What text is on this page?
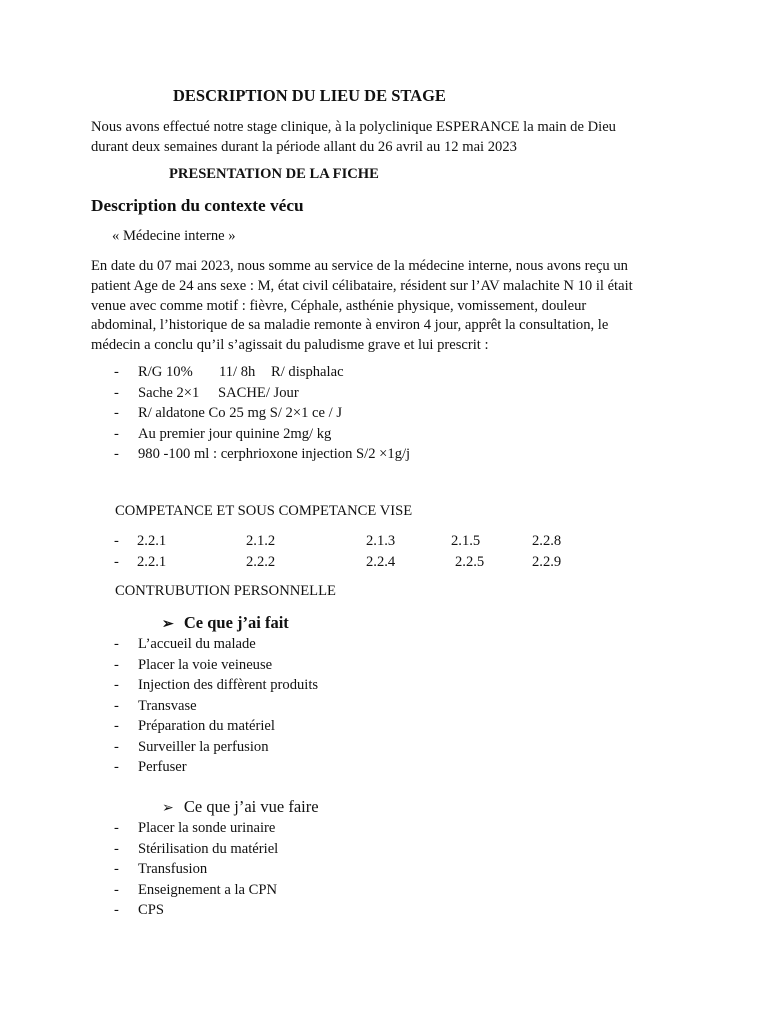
DESCRIPTION DU LIEU DE STAGE
Nous avons effectué notre stage clinique, à la polyclinique ESPERANCE la main de Dieu
durant deux semaines durant la période allant du 26 avril au 12 mai 2023
PRESENTATION DE LA FICHE
Description du contexte vécu
« Médecine interne »
En date du 07 mai 2023, nous somme au service de la médecine interne, nous avons reçu un
patient Age de 24 ans sexe : M, état civil célibataire, résident sur l’AV malachite N 10 il était
venue avec comme motif : fièvre, Céphale, asthénie physique, vomissement, douleur
abdominal, l’historique de sa maladie remonte à environ 4 jour, apprêt la consultation, le
médecin a conclu qu’il s’agissait du paludisme grave et lui prescrit :
- R/G 10% 11/ 8h R/ disphalac
- Sache 2×1 SACHE/ Jour
- R/ aldatone Co 25 mg S/ 2×1 ce / J
- Au premier jour quinine 2mg/ kg
- 980 -100 ml : cerphrioxone injection S/2 ×1g/j
COMPETANCE ET SOUS COMPETANCE VISE
- 2.2.1	2.1.2	2.1.3	2.1.5	2.2.8
- 2.2.1	2.2.2	2.2.4	2.2.5	2.2.9
CONTRUBUTION PERSONNELLE
➢ Ce que j’ai fait
- L’accueil du malade
- Placer la voie veineuse
- Injection des diffèrent produits
- Transvase
- Préparation du matériel
- Surveiller la perfusion
- Perfuser
➢ Ce que j’ai vue faire
- Placer la sonde urinaire
- Stérilisation du matériel
- Transfusion
- Enseignement a la CPN
- CPS
